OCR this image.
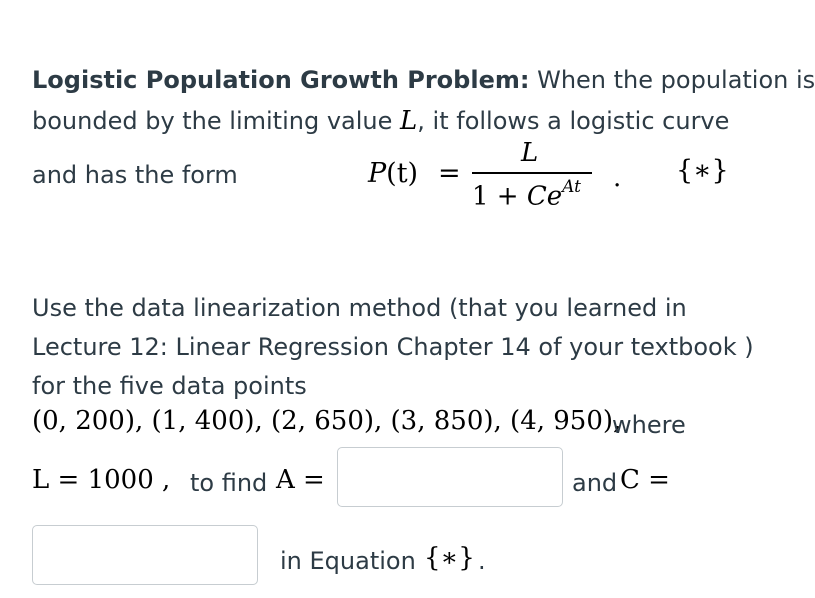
Logistic Population Growth Problem: When the population is
bounded by the limiting value L, it follows a logistic curve
and has the form	P(t) =
L
$1 + Ce^{At}$ . {∗}
Use the data linearization method (that you learned in
Lecture 12: Linear Regression Chapter 14 of your textbook )
for the five data points
(0, 200), (1, 400), (2, 650), (3, 850), (4, 950),
where
L = 1000 , to find A =	and C =
in Equation {∗} .
